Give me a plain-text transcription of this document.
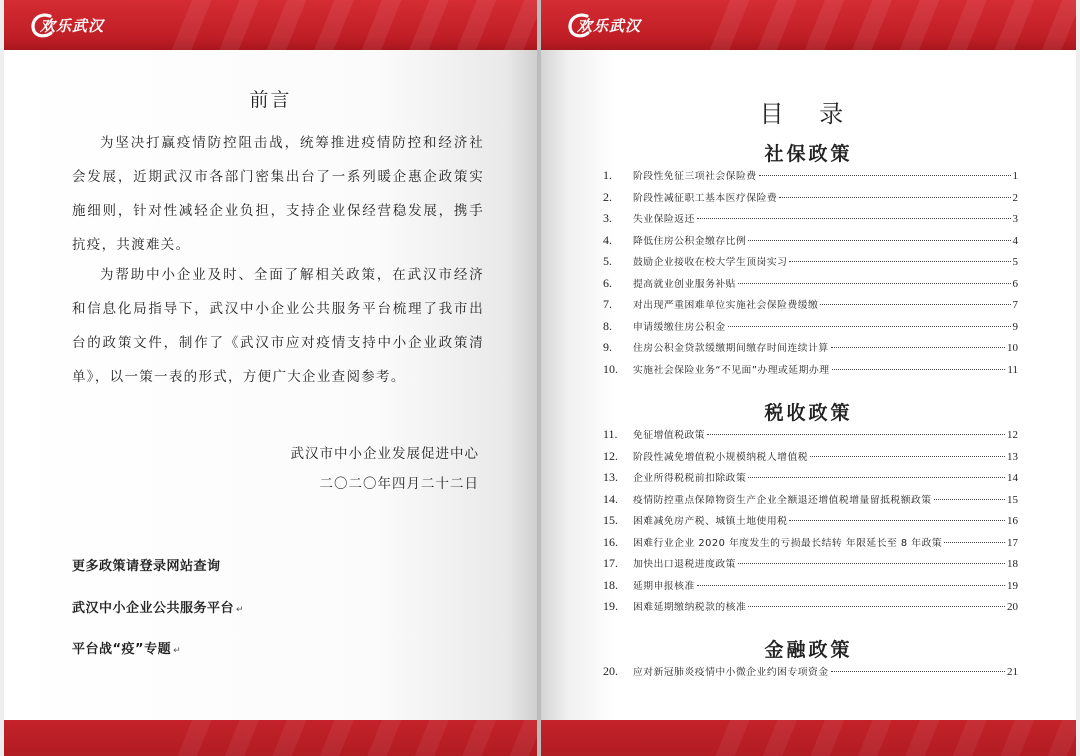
欢乐武汉
前言
为坚决打赢疫情防控阻击战，统筹推进疫情防控和经济社会发展，近期武汉市各部门密集出台了一系列暖企惠企政策实施细则，针对性减轻企业负担，支持企业保经营稳发展，携手抗疫，共渡难关。
为帮助中小企业及时、全面了解相关政策，在武汉市经济和信息化局指导下，武汉中小企业公共服务平台梳理了我市出台的政策文件，制作了《武汉市应对疫情支持中小企业政策清单》，以一策一表的形式，方便广大企业查阅参考。
武汉市中小企业发展促进中心
二〇二〇年四月二十二日
更多政策请登录网站查询
武汉中小企业公共服务平台 ↵
平台战“疫”专题 ↵
欢乐武汉
目 录
社保政策
1.	阶段性免征三项社会保险费	1
2.	阶段性减征职工基本医疗保险费	2
3.	失业保险返还	3
4.	降低住房公积金缴存比例	4
5.	鼓励企业接收在校大学生顶岗实习	5
6.	提高就业创业服务补贴	6
7.	对出现严重困难单位实施社会保险费缓缴	7
8.	申请缓缴住房公积金	9
9.	住房公积金贷款缓缴期间缴存时间连续计算	10
10.	实施社会保险业务“不见面”办理或延期办理	11
税收政策
11.	免征增值税政策	12
12.	阶段性减免增值税小规模纳税人增值税	13
13.	企业所得税税前扣除政策	14
14.	疫情防控重点保障物资生产企业全额退还增值税增量留抵税额政策	15
15.	困难减免房产税、城镇土地使用税	16
16.	困难行业企业 2020 年度发生的亏损最长结转 年限延长至 8 年政策	17
17.	加快出口退税进度政策	18
18.	延期申报核准	19
19.	困难延期缴纳税款的核准	20
金融政策
20.	应对新冠肺炎疫情中小微企业约困专项资金	21
